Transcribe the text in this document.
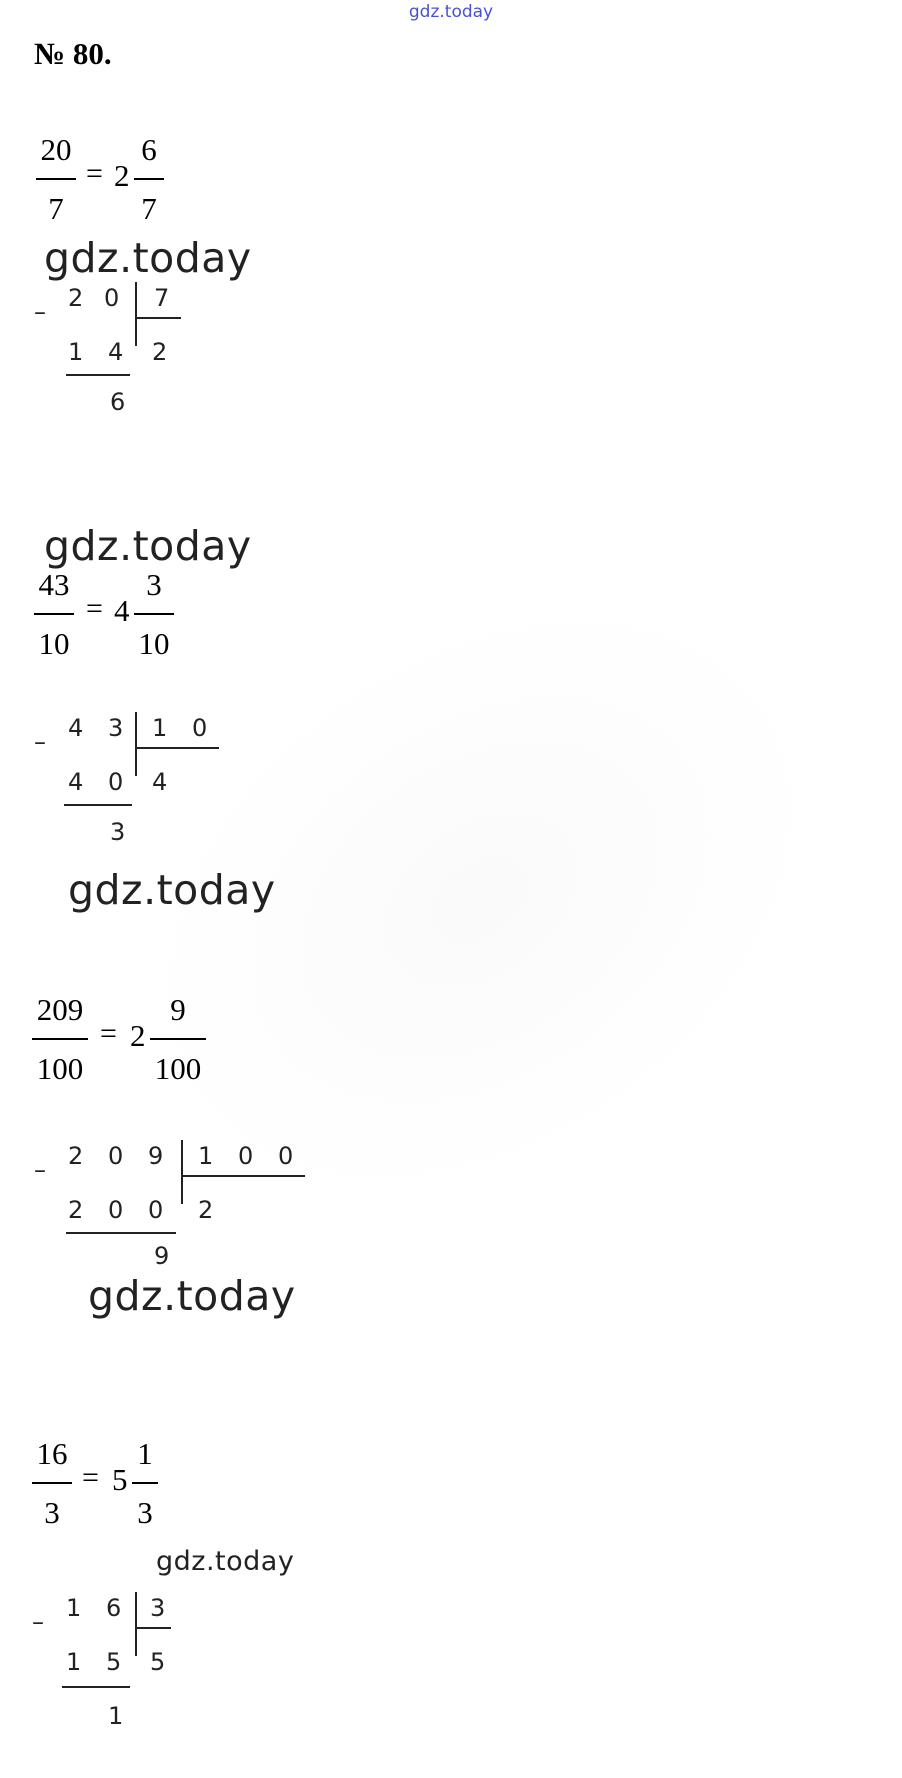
gdz.today
№ 80.
20
7
= 2
6
7
gdz.today
– 2 0 7
1 4 2
6
gdz.today
43
10
= 4
3
10
– 4 3 1 0
4 0 4
3
gdz.today
209
100
= 2
9
100
– 2 0 9 1 0 0
2 0 0 2
9
gdz.today
16
3
= 5
1
3
gdz.today
– 1 6 3
1 5 5
1
